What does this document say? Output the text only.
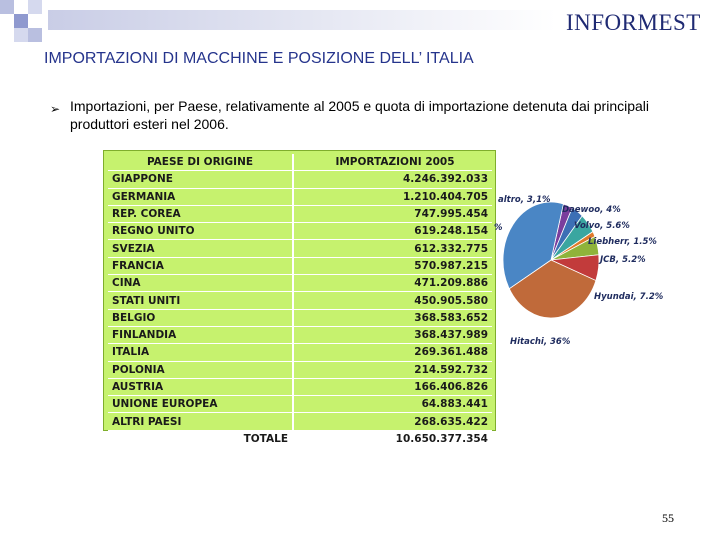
INFORMEST
IMPORTAZIONI DI MACCHINE E POSIZIONE DELL’ ITALIA
➢ Importazioni, per Paese, relativamente al 2005 e quota di importazione detenuta dai principali produttori esteri nel 2006.
PAESE DI ORIGINE	IMPORTAZIONI 2005
GIAPPONE	4.246.392.033
GERMANIA	1.210.404.705
REP. COREA	747.995.454
REGNO UNITO	619.248.154
SVEZIA	612.332.775
FRANCIA	570.987.215
CINA	471.209.886
STATI UNITI	450.905.580
BELGIO	368.583.652
FINLANDIA	368.437.989
ITALIA	269.361.488
POLONIA	214.592.732
AUSTRIA	166.406.826
UNIONE EUROPEA	64.883.441
ALTRI PAESI	268.635.422
TOTALE	10.650.377.354
altro, 3,1%
Daewoo, 4%
Volvo, 5.6%
Liebherr, 1.5%
JCB, 5.2%
Hyundai, 7.2%
Hitachi, 36%
%
55
